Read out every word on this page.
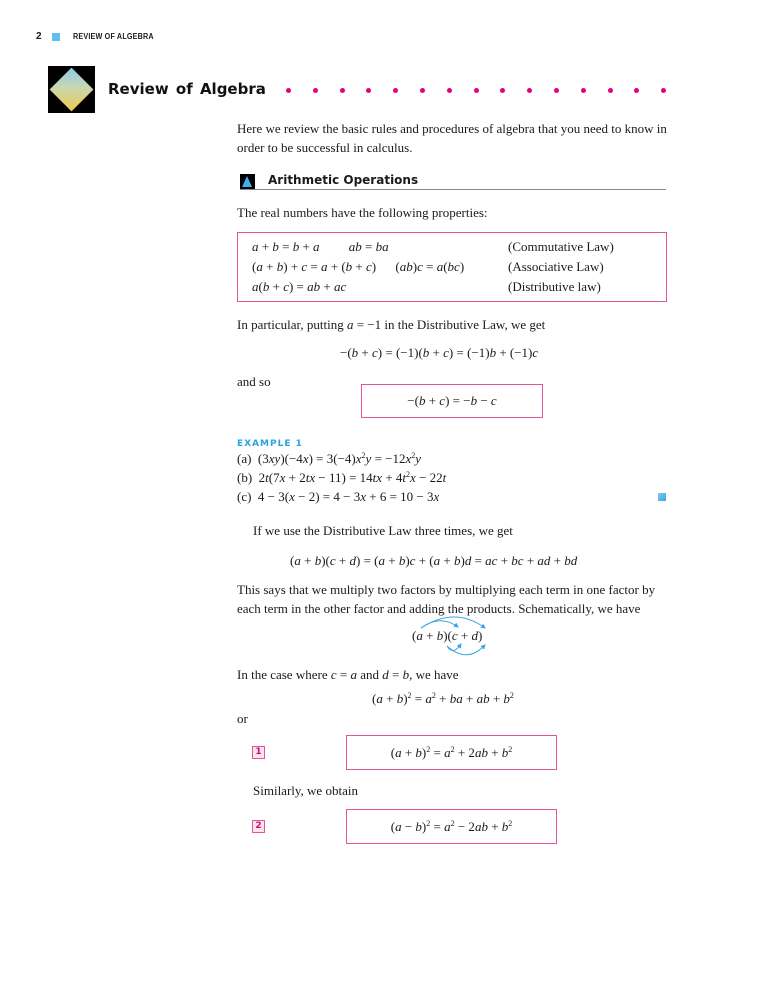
2	REVIEW OF ALGEBRA
Review of Algebra
Here we review the basic rules and procedures of algebra that you need to know in order to be successful in calculus.
Arithmetic Operations
The real numbers have the following properties:
a + b = b + a ab = ba	(Commutative Law)
(a + b) + c = a + (b + c) (ab)c = a(bc)	(Associative Law)
a(b + c) = ab + ac	(Distributive law)
In particular, putting a = −1 in the Distributive Law, we get
−(b + c) = (−1)(b + c) = (−1)b + (−1)c
and so
−(b + c) = −b − c
EXAMPLE 1
(a)  $(3xy)(-4x) = 3(-4)x^2y = -12x^2y$
(b)  $2t(7x + 2tx - 11) = 14tx + 4t^2x - 22t$
(c)  4 − 3(x − 2) = 4 − 3x + 6 = 10 − 3x
If we use the Distributive Law three times, we get
(a + b)(c + d) = (a + b)c + (a + b)d = ac + bc + ad + bd
This says that we multiply two factors by multiplying each term in one factor by each term in the other factor and adding the products. Schematically, we have
(a + b)(c + d)
In the case where c = a and d = b, we have
$(a + b)^2 = a^2$ + ba + ab + $b^2$
or
1	$(a + b)^2 = a^2 + 2ab + b^2$
Similarly, we obtain
2	$(a - b)^2 = a^2 - 2ab + b^2$
